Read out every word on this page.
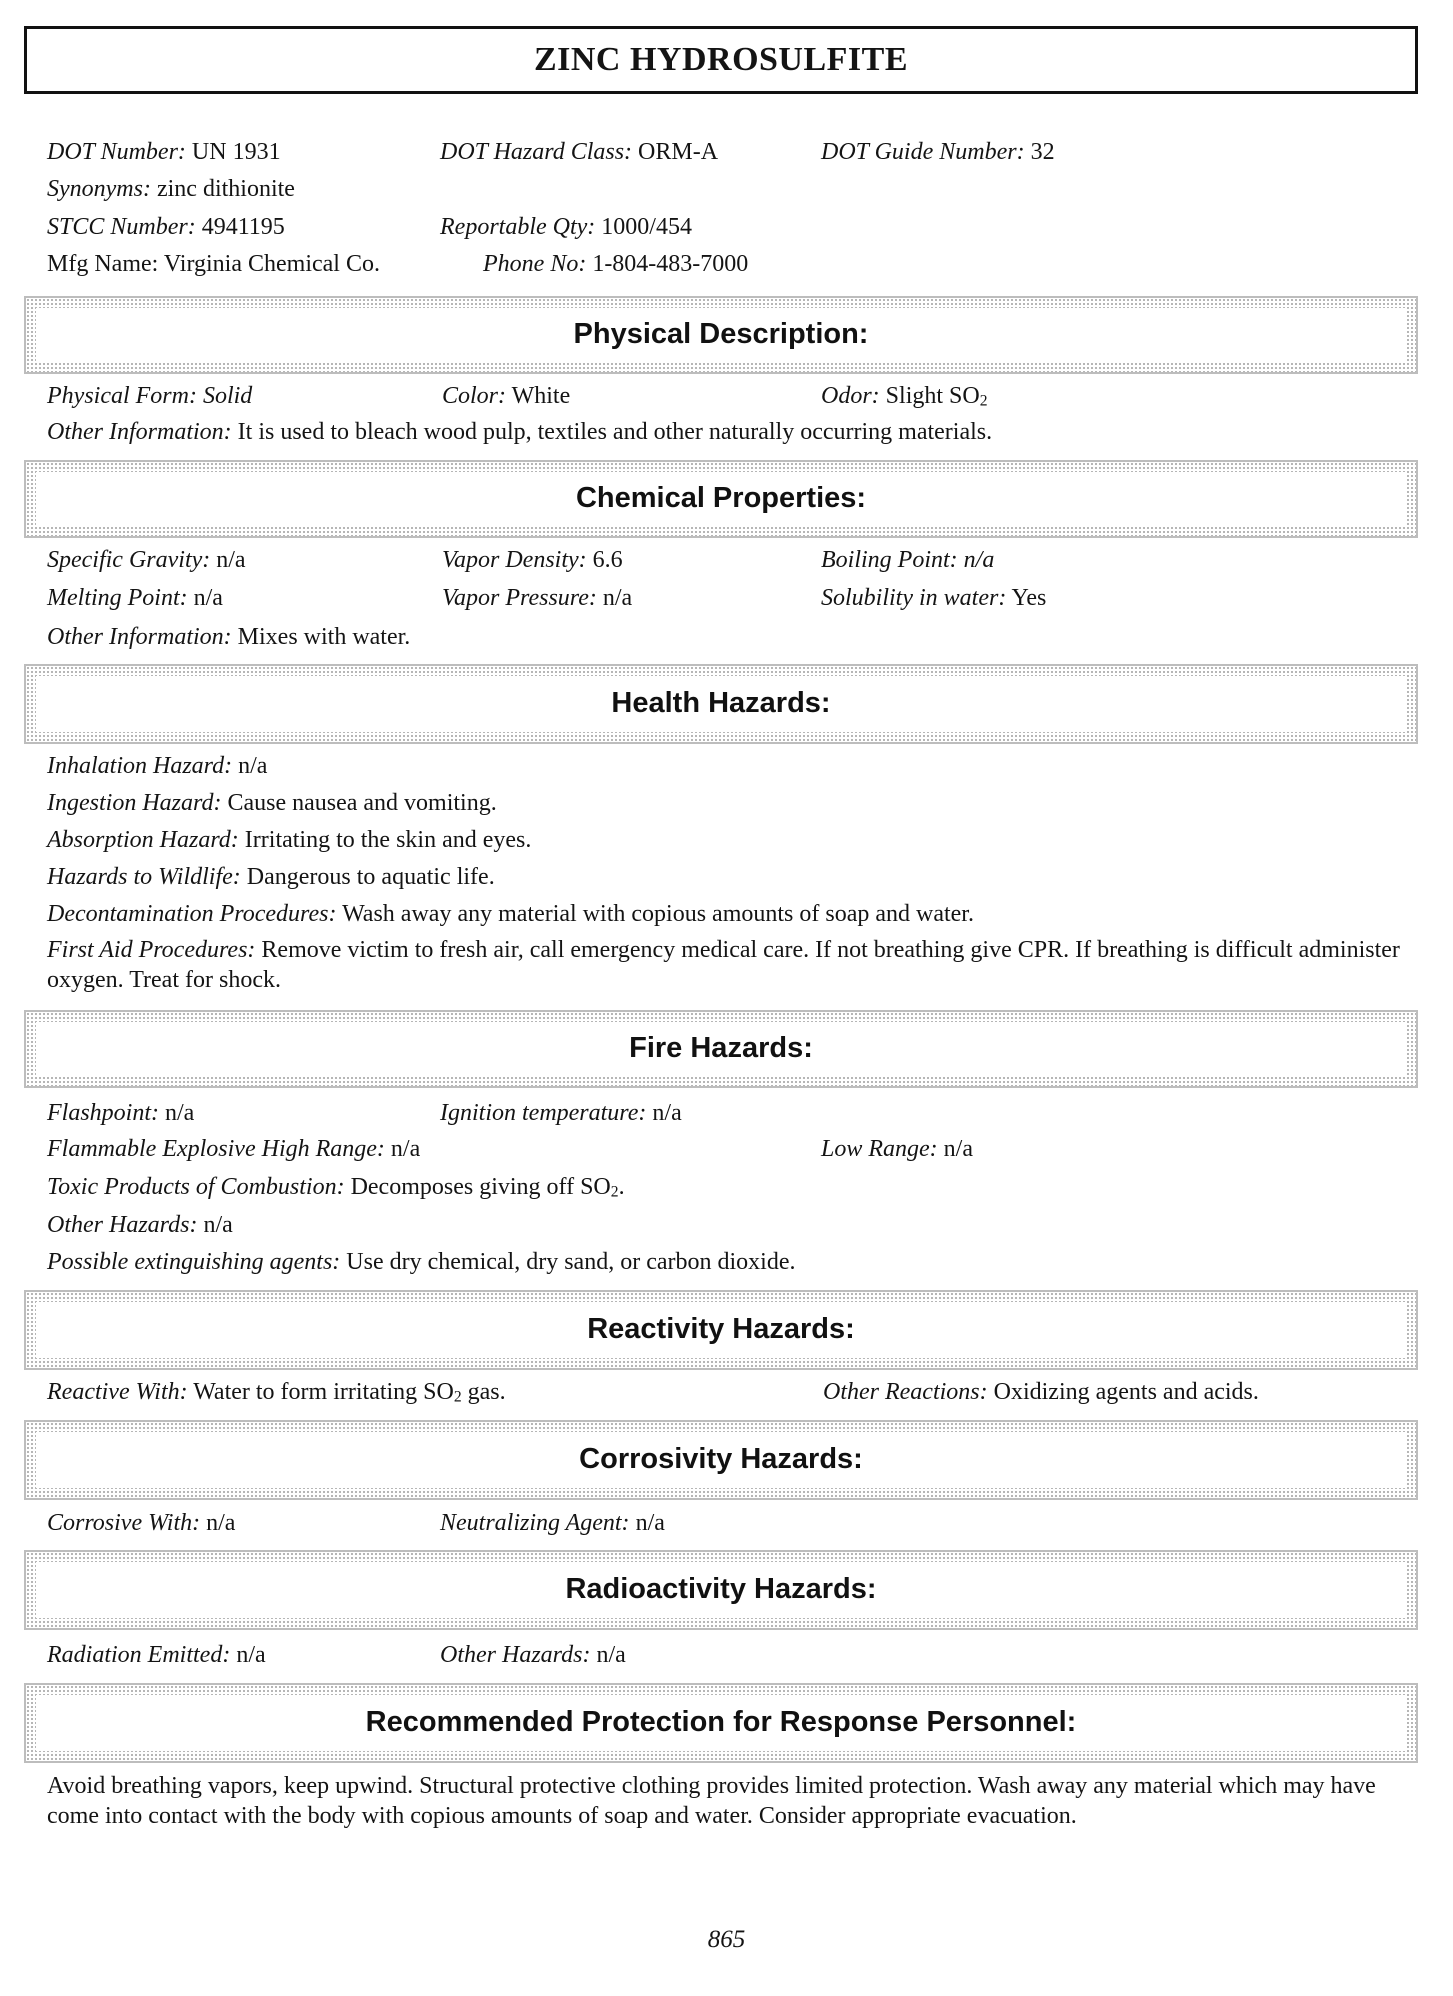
ZINC HYDROSULFITE
DOT Number: UN 1931	DOT Hazard Class: ORM-A	DOT Guide Number: 32
Synonyms: zinc dithionite
STCC Number: 4941195	Reportable Qty: 1000/454
Mfg Name: Virginia Chemical Co.	Phone No: 1-804-483-7000
Physical Description:
Physical Form: Solid	Color: White	Odor: Slight $SO_2$
Other Information: It is used to bleach wood pulp, textiles and other naturally occurring materials.
Chemical Properties:
Specific Gravity: n/a	Vapor Density: 6.6	Boiling Point: n/a
Melting Point: n/a	Vapor Pressure: n/a	Solubility in water: Yes
Other Information: Mixes with water.
Health Hazards:
Inhalation Hazard: n/a
Ingestion Hazard: Cause nausea and vomiting.
Absorption Hazard: Irritating to the skin and eyes.
Hazards to Wildlife: Dangerous to aquatic life.
Decontamination Procedures: Wash away any material with copious amounts of soap and water.
First Aid Procedures: Remove victim to fresh air, call emergency medical care. If not breathing give CPR. If breathing is difficult administer oxygen. Treat for shock.
Fire Hazards:
Flashpoint: n/a	Ignition temperature: n/a
Flammable Explosive High Range: n/a	Low Range: n/a
Toxic Products of Combustion: Decomposes giving off $SO_2$.
Other Hazards: n/a
Possible extinguishing agents: Use dry chemical, dry sand, or carbon dioxide.
Reactivity Hazards:
Reactive With: Water to form irritating $SO_2$ gas.	Other Reactions: Oxidizing agents and acids.
Corrosivity Hazards:
Corrosive With: n/a	Neutralizing Agent: n/a
Radioactivity Hazards:
Radiation Emitted: n/a	Other Hazards: n/a
Recommended Protection for Response Personnel:
Avoid breathing vapors, keep upwind. Structural protective clothing provides limited protection. Wash away any material which may have come into contact with the body with copious amounts of soap and water. Consider appropriate evacuation.
865
